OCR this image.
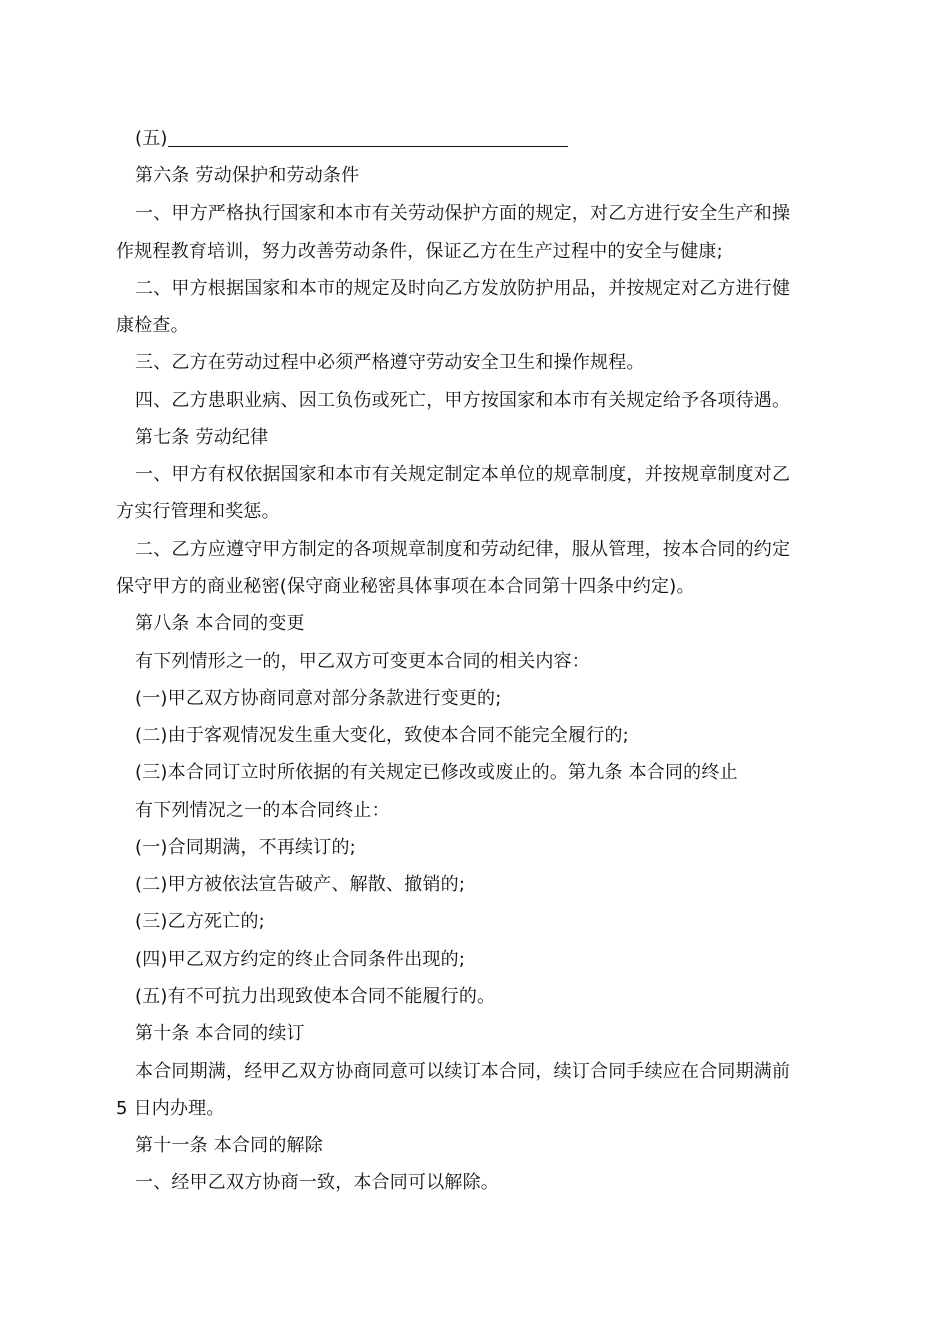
(五)
第六条 劳动保护和劳动条件
一、甲方严格执行国家和本市有关劳动保护方面的规定，对乙方进行安全生产和操
作规程教育培训，努力改善劳动条件，保证乙方在生产过程中的安全与健康;
二、甲方根据国家和本市的规定及时向乙方发放防护用品，并按规定对乙方进行健
康检查。
三、乙方在劳动过程中必须严格遵守劳动安全卫生和操作规程。
四、乙方患职业病、因工负伤或死亡，甲方按国家和本市有关规定给予各项待遇。
第七条 劳动纪律
一、甲方有权依据国家和本市有关规定制定本单位的规章制度，并按规章制度对乙
方实行管理和奖惩。
二、乙方应遵守甲方制定的各项规章制度和劳动纪律，服从管理，按本合同的约定
保守甲方的商业秘密(保守商业秘密具体事项在本合同第十四条中约定)。
第八条 本合同的变更
有下列情形之一的，甲乙双方可变更本合同的相关内容：
(一)甲乙双方协商同意对部分条款进行变更的;
(二)由于客观情况发生重大变化，致使本合同不能完全履行的;
(三)本合同订立时所依据的有关规定已修改或废止的。第九条 本合同的终止
有下列情况之一的本合同终止：
(一)合同期满，不再续订的;
(二)甲方被依法宣告破产、解散、撤销的;
(三)乙方死亡的;
(四)甲乙双方约定的终止合同条件出现的;
(五)有不可抗力出现致使本合同不能履行的。
第十条 本合同的续订
本合同期满，经甲乙双方协商同意可以续订本合同，续订合同手续应在合同期满前
5 日内办理。
第十一条 本合同的解除
一、经甲乙双方协商一致，本合同可以解除。
